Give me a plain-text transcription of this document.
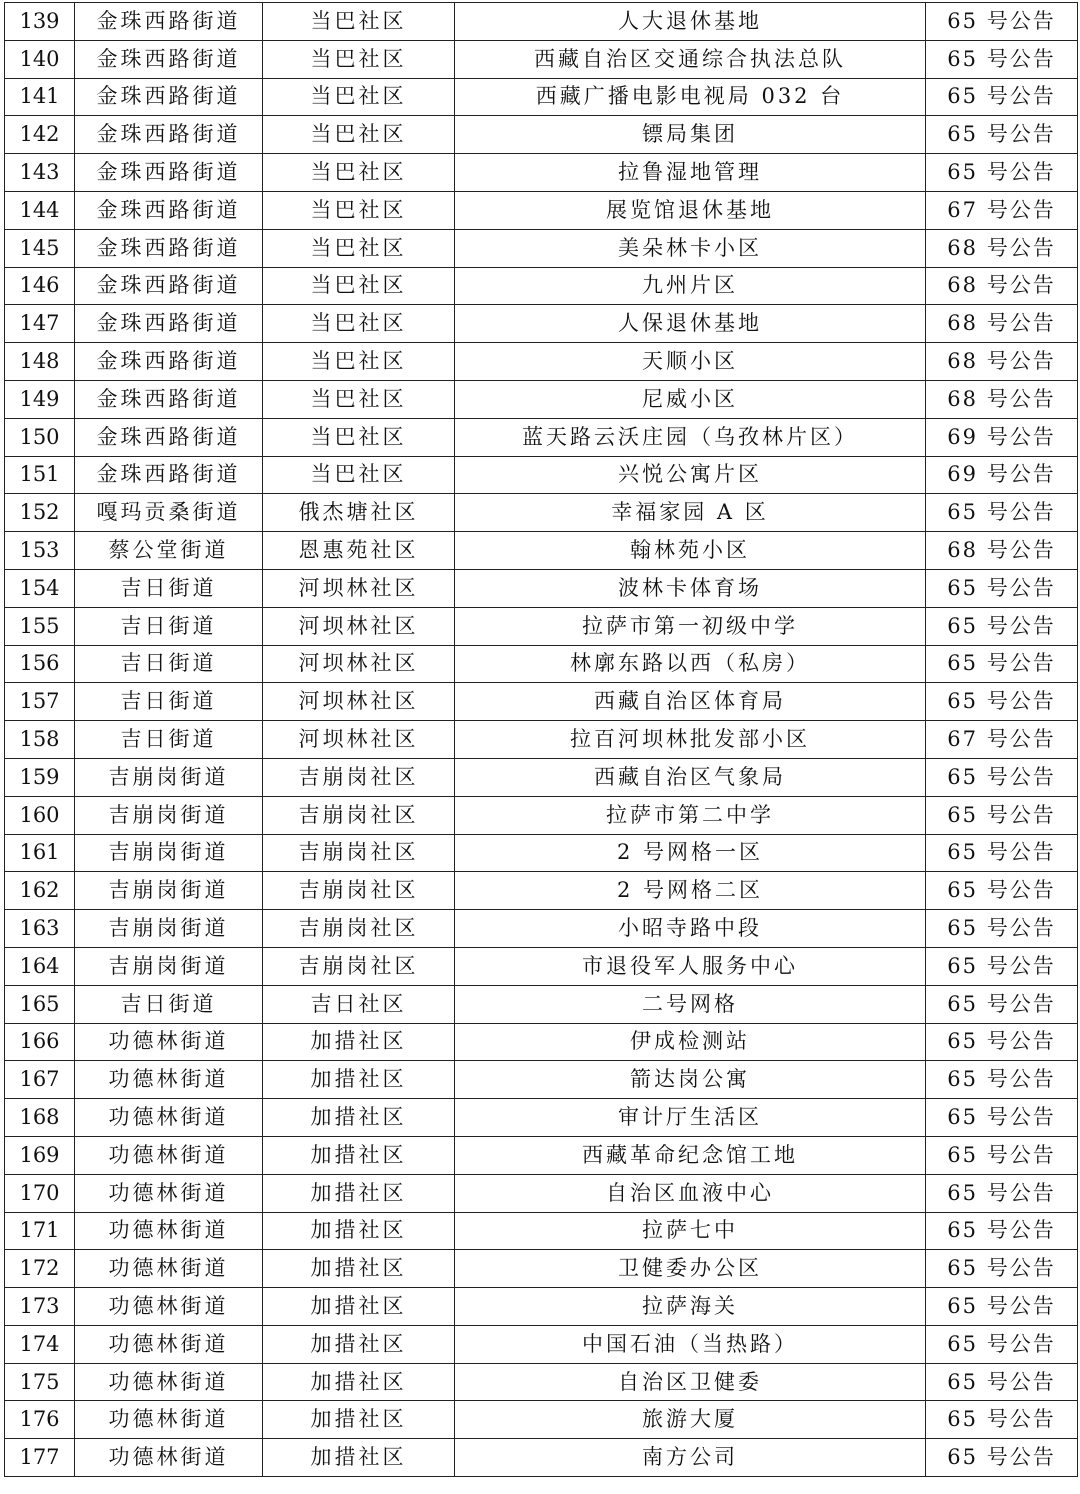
139	金珠西路街道	当巴社区	人大退休基地	65 号公告
140	金珠西路街道	当巴社区	西藏自治区交通综合执法总队	65 号公告
141	金珠西路街道	当巴社区	西藏广播电影电视局 032 台	65 号公告
142	金珠西路街道	当巴社区	镖局集团	65 号公告
143	金珠西路街道	当巴社区	拉鲁湿地管理	65 号公告
144	金珠西路街道	当巴社区	展览馆退休基地	67 号公告
145	金珠西路街道	当巴社区	美朵林卡小区	68 号公告
146	金珠西路街道	当巴社区	九州片区	68 号公告
147	金珠西路街道	当巴社区	人保退休基地	68 号公告
148	金珠西路街道	当巴社区	天顺小区	68 号公告
149	金珠西路街道	当巴社区	尼威小区	68 号公告
150	金珠西路街道	当巴社区	蓝天路云沃庄园（乌孜林片区）	69 号公告
151	金珠西路街道	当巴社区	兴悦公寓片区	69 号公告
152	嘎玛贡桑街道	俄杰塘社区	幸福家园 A 区	65 号公告
153	蔡公堂街道	恩惠苑社区	翰林苑小区	68 号公告
154	吉日街道	河坝林社区	波林卡体育场	65 号公告
155	吉日街道	河坝林社区	拉萨市第一初级中学	65 号公告
156	吉日街道	河坝林社区	林廓东路以西（私房）	65 号公告
157	吉日街道	河坝林社区	西藏自治区体育局	65 号公告
158	吉日街道	河坝林社区	拉百河坝林批发部小区	67 号公告
159	吉崩岗街道	吉崩岗社区	西藏自治区气象局	65 号公告
160	吉崩岗街道	吉崩岗社区	拉萨市第二中学	65 号公告
161	吉崩岗街道	吉崩岗社区	2 号网格一区	65 号公告
162	吉崩岗街道	吉崩岗社区	2 号网格二区	65 号公告
163	吉崩岗街道	吉崩岗社区	小昭寺路中段	65 号公告
164	吉崩岗街道	吉崩岗社区	市退役军人服务中心	65 号公告
165	吉日街道	吉日社区	二号网格	65 号公告
166	功德林街道	加措社区	伊成检测站	65 号公告
167	功德林街道	加措社区	箭达岗公寓	65 号公告
168	功德林街道	加措社区	审计厅生活区	65 号公告
169	功德林街道	加措社区	西藏革命纪念馆工地	65 号公告
170	功德林街道	加措社区	自治区血液中心	65 号公告
171	功德林街道	加措社区	拉萨七中	65 号公告
172	功德林街道	加措社区	卫健委办公区	65 号公告
173	功德林街道	加措社区	拉萨海关	65 号公告
174	功德林街道	加措社区	中国石油（当热路）	65 号公告
175	功德林街道	加措社区	自治区卫健委	65 号公告
176	功德林街道	加措社区	旅游大厦	65 号公告
177	功德林街道	加措社区	南方公司	65 号公告
